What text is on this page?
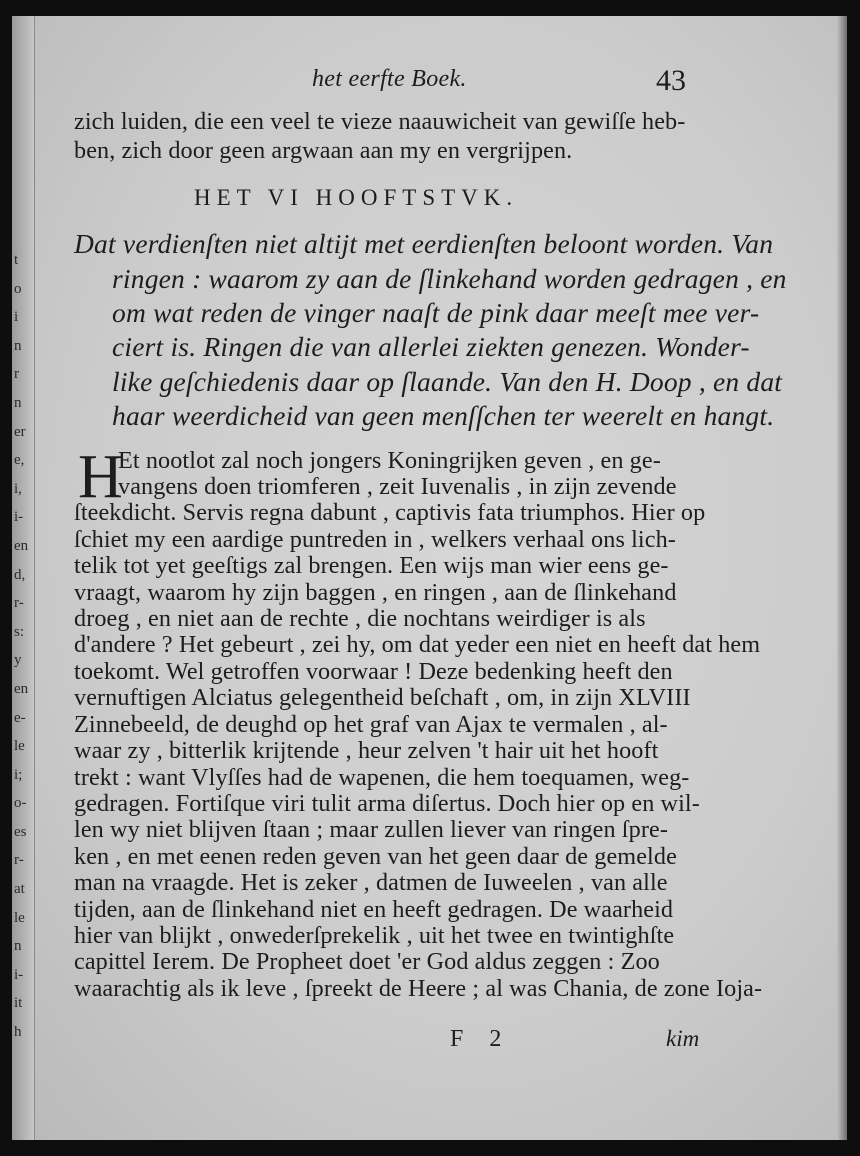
t
o
i
n
r
n
er
e,
i,
i-
en
d,
r-
s:
y
en
e-
le
i;
o-
es
r-
at
le
n
i-
it
h
het eerfte Boek.	43
zich luiden, die een veel te vieze naauwicheit van gewiſſe heb-
ben, zich door geen argwaan aan my en vergrijpen.
HET VI HOOFTSTVK.
Dat verdienſten niet altijt met eerdienſten beloont worden. Van
ringen : waarom zy aan de ſlinkehand worden gedragen , en
om wat reden de vinger naaſt de pink daar meeſt mee ver-
ciert is. Ringen die van allerlei ziekten genezen. Wonder-
like geſchiedenis daar op ſlaande. Van den H. Doop , en dat
haar weerdicheid van geen menſſchen ter weerelt en hangt.
H
Et nootlot zal noch jongers Koningrijken geven , en ge-
vangens doen triomferen , zeit Iuvenalis , in zijn zevende
ſteekdicht. Servis regna dabunt , captivis fata triumphos. Hier op
ſchiet my een aardige puntreden in , welkers verhaal ons lich-
telik tot yet geeſtigs zal brengen. Een wijs man wier eens ge-
vraagt, waarom hy zijn baggen , en ringen , aan de ſlinkehand
droeg , en niet aan de rechte , die nochtans weirdiger is als
d'andere ? Het gebeurt , zei hy, om dat yeder een niet en heeft dat hem
toekomt. Wel getroffen voorwaar ! Deze bedenking heeft den
vernuftigen Alciatus gelegentheid beſchaft , om, in zijn XLVIII
Zinnebeeld, de deughd op het graf van Ajax te vermalen , al-
waar zy , bitterlik krijtende , heur zelven 't hair uit het hooft
trekt : want Vlyſſes had de wapenen, die hem toequamen, weg-
gedragen. Fortiſque viri tulit arma diſertus. Doch hier op en wil-
len wy niet blijven ſtaan ; maar zullen liever van ringen ſpre-
ken , en met eenen reden geven van het geen daar de gemelde
man na vraagde. Het is zeker , datmen de Iuweelen , van alle
tijden, aan de ſlinkehand niet en heeft gedragen. De waarheid
hier van blijkt , onwederſprekelik , uit het twee en twintighſte
capittel Ierem. De Propheet doet 'er God aldus zeggen : Zoo
waarachtig als ik leve , ſpreekt de Heere ; al was Chania, de zone Ioja-
F 2	kim
